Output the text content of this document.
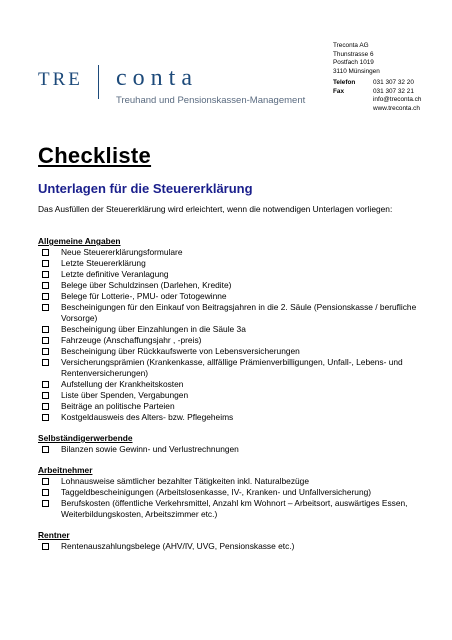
TRE conta
Treuhand und Pensionskassen-Management
Treconta AG
Thunstrasse 6
Postfach 1019
3110 Münsingen
Telefon	031 307 32 20
Fax	031 307 32 21
info@treconta.ch
www.treconta.ch
Checkliste
Unterlagen für die Steuererklärung
Das Ausfüllen der Steuererklärung wird erleichtert, wenn die notwendigen Unterlagen vorliegen:
Allgemeine Angaben
Neue Steuererklärungsformulare
Letzte Steuererklärung
Letzte definitive Veranlagung
Belege über Schuldzinsen (Darlehen, Kredite)
Belege für Lotterie-, PMU- oder Totogewinne
Bescheinigungen für den Einkauf von Beitragsjahren in die 2. Säule (Pensionskasse / berufliche Vorsorge)
Bescheinigung über Einzahlungen in die Säule 3a
Fahrzeuge (Anschaffungsjahr , -preis)
Bescheinigung über Rückkaufswerte von Lebensversicherungen
Versicherungsprämien (Krankenkasse, allfällige Prämienverbilligungen, Unfall-, Lebens- und Rentenversicherungen)
Aufstellung der Krankheitskosten
Liste über Spenden, Vergabungen
Beiträge an politische Parteien
Kostgeldausweis des Alters- bzw. Pflegeheims
Selbständigerwerbende
Bilanzen sowie Gewinn- und Verlustrechnungen
Arbeitnehmer
Lohnausweise sämtlicher bezahlter Tätigkeiten inkl. Naturalbezüge
Taggeldbescheinigungen (Arbeitslosenkasse, IV-, Kranken- und Unfallversicherung)
Berufskosten (öffentliche Verkehrsmittel, Anzahl km Wohnort – Arbeitsort, auswärtiges Essen, Weiterbildungskosten, Arbeitszimmer etc.)
Rentner
Rentenauszahlungsbelege (AHV/IV, UVG, Pensionskasse etc.)
